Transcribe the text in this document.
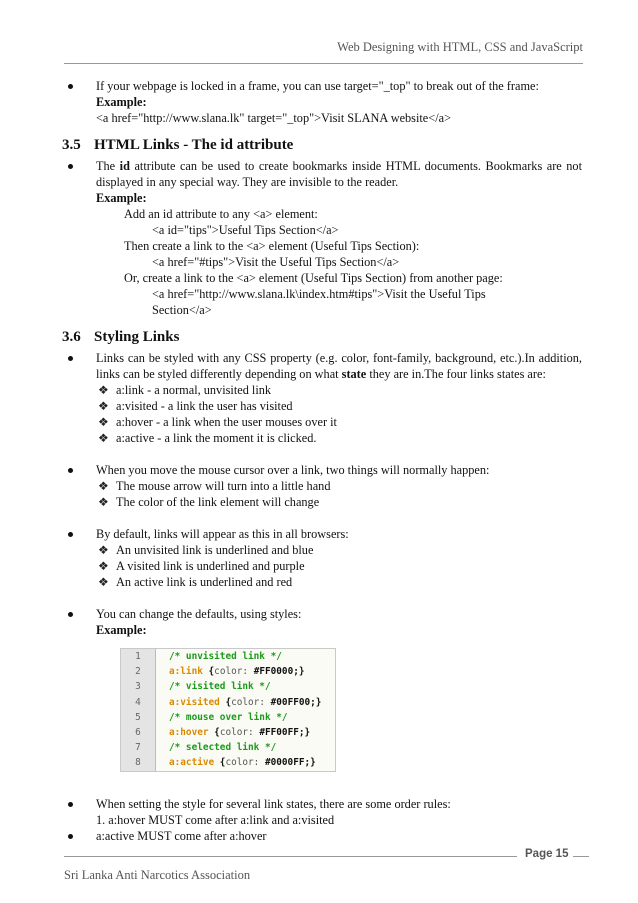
Web Designing with HTML, CSS and JavaScript
If your webpage is locked in a frame, you can use target="_top" to break out of the frame:
Example:
<a href="http://www.slana.lk" target="_top">Visit SLANA website</a>
3.5 HTML Links - The id attribute
The id attribute can be used to create bookmarks inside HTML documents. Bookmarks are not displayed in any special way. They are invisible to the reader.
Example:
Add an id attribute to any <a> element:
<a id="tips">Useful Tips Section</a>
Then create a link to the <a> element (Useful Tips Section):
<a href="#tips">Visit the Useful Tips Section</a>
Or, create a link to the <a> element (Useful Tips Section) from another page:
<a href="http://www.slana.lk\index.htm#tips">Visit the Useful Tips
Section</a>
3.6 Styling Links
Links can be styled with any CSS property (e.g. color, font-family, background, etc.).In addition, links can be styled differently depending on what state they are in.The four links states are:
❖ a:link - a normal, unvisited link
❖ a:visited - a link the user has visited
❖ a:hover - a link when the user mouses over it
❖ a:active - a link the moment it is clicked.
When you move the mouse cursor over a link, two things will normally happen:
❖ The mouse arrow will turn into a little hand
❖ The color of the link element will change
By default, links will appear as this in all browsers:
❖ An unvisited link is underlined and blue
❖ A visited link is underlined and purple
❖ An active link is underlined and red
You can change the defaults, using styles:
Example:
1	/* unvisited link */
2	a:link {color: #FF0000;}
3	/* visited link */
4	a:visited {color: #00FF00;}
5	/* mouse over link */
6	a:hover {color: #FF00FF;}
7	/* selected link */
8	a:active {color: #0000FF;}
When setting the style for several link states, there are some order rules:
1. a:hover MUST come after a:link and a:visited
a:active MUST come after a:hover
Page 15
Sri Lanka Anti Narcotics Association
